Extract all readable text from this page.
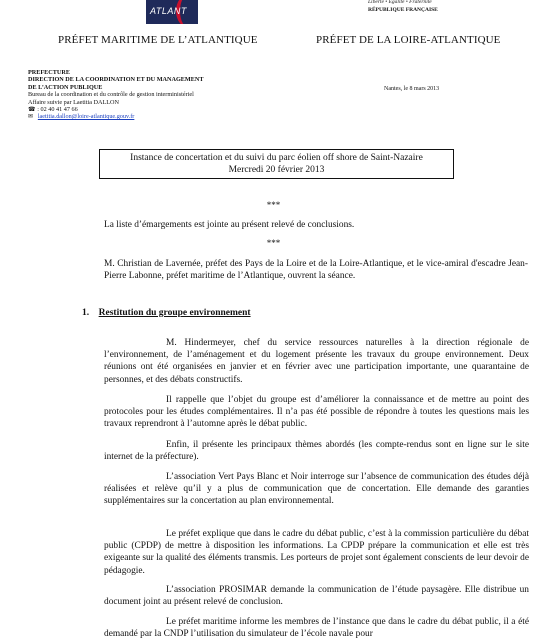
ATLANT
Liberté • Égalité • Fraternité
RÉPUBLIQUE FRANÇAISE
PRÉFET MARITIME DE L’ATLANTIQUE	PRÉFET DE LA LOIRE-ATLANTIQUE
PREFECTURE
DIRECTION DE LA COORDINATION ET DU MANAGEMENT
DE L’ACTION PUBLIQUE
Bureau de la coordination et du contrôle de gestion interministériel
Affaire suivie par Laetitia DALLON
☎ : 02 40 41 47 66
✉   laetitia.dallon@loire-atlantique.gouv.fr
Nantes, le 8 mars 2013
Instance de concertation et du suivi du parc éolien off shore de Saint-Nazaire
Mercredi 20 février 2013
***
La liste d’émargements est jointe au présent relevé de conclusions.
***
M. Christian de Lavernée, préfet des Pays de la Loire et de la Loire-Atlantique, et le vice-amiral d'escadre Jean-Pierre Labonne, préfet maritime de l’Atlantique, ouvrent la séance.
1. Restitution du groupe environnement
M. Hindermeyer, chef du service ressources naturelles à la direction régionale de l’environnement, de l’aménagement et du logement présente les travaux du groupe environnement. Deux réunions ont été organisées en janvier et en février avec une participation importante, une quarantaine de personnes, et des débats constructifs.
Il rappelle que l’objet du groupe est d’améliorer la connaissance et de mettre au point des protocoles pour les études complémentaires. Il n’a pas été possible de répondre à toutes les questions mais les travaux reprendront à l’automne après le débat public.
Enfin, il présente les principaux thèmes abordés (les compte-rendus sont en ligne sur le site internet de la préfecture).
L’association Vert Pays Blanc et Noir interroge sur l’absence de communication des études déjà réalisées et relève qu’il y a plus de communication que de concertation. Elle demande des garanties supplémentaires sur la concertation au plan environnemental.
Le préfet explique que dans le cadre du débat public, c’est à la commission particulière du débat public (CPDP) de mettre à disposition les informations. La CPDP prépare la communication et elle est très exigeante sur la qualité des éléments transmis. Les porteurs de projet sont également conscients de leur devoir de pédagogie.
L’association PROSIMAR demande la communication de l’étude paysagère. Elle distribue un document joint au présent relevé de conclusion.
Le préfet maritime informe les membres de l’instance que dans le cadre du débat public, il a été demandé par la CNDP l’utilisation du simulateur de l’école navale pour
